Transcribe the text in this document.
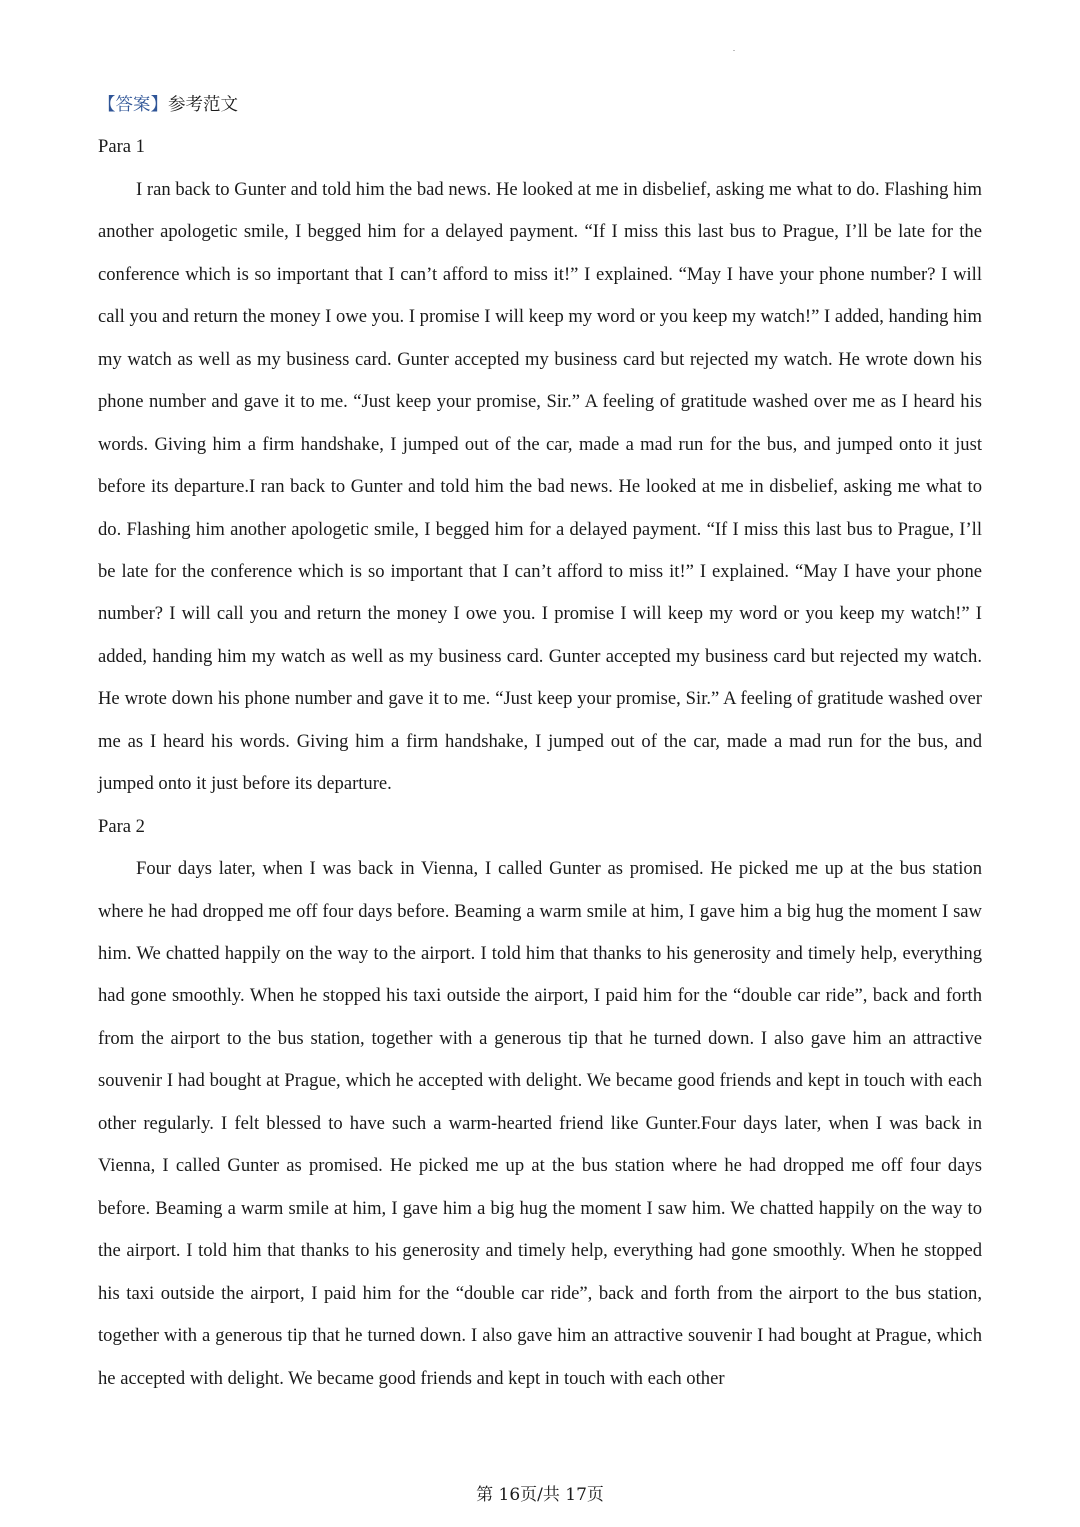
.
【答案】参考范文
Para 1

I ran back to Gunter and told him the bad news. He looked at me in disbelief, asking me what to do. Flashing him another apologetic smile, I begged him for a delayed payment. “If I miss this last bus to Prague, I’ll be late for the conference which is so important that I can’t afford to miss it!” I explained. “May I have your phone number? I will call you and return the money I owe you. I promise I will keep my word or you keep my watch!” I added, handing him my watch as well as my business card. Gunter accepted my business card but rejected my watch. He wrote down his phone number and gave it to me. “Just keep your promise, Sir.” A feeling of gratitude washed over me as I heard his words. Giving him a firm handshake, I jumped out of the car, made a mad run for the bus, and jumped onto it just before its departure.I ran back to Gunter and told him the bad news. He looked at me in disbelief, asking me what to do. Flashing him another apologetic smile, I begged him for a delayed payment. “If I miss this last bus to Prague, I’ll be late for the conference which is so important that I can’t afford to miss it!” I explained. “May I have your phone number? I will call you and return the money I owe you. I promise I will keep my word or you keep my watch!” I added, handing him my watch as well as my business card. Gunter accepted my business card but rejected my watch. He wrote down his phone number and gave it to me. “Just keep your promise, Sir.” A feeling of gratitude washed over me as I heard his words. Giving him a firm handshake, I jumped out of the car, made a mad run for the bus, and jumped onto it just before its departure.

Para 2

Four days later, when I was back in Vienna, I called Gunter as promised. He picked me up at the bus station where he had dropped me off four days before. Beaming a warm smile at him, I gave him a big hug the moment I saw him. We chatted happily on the way to the airport. I told him that thanks to his generosity and timely help, everything had gone smoothly. When he stopped his taxi outside the airport, I paid him for the “double car ride”, back and forth from the airport to the bus station, together with a generous tip that he turned down. I also gave him an attractive souvenir I had bought at Prague, which he accepted with delight. We became good friends and kept in touch with each other regularly. I felt blessed to have such a warm-hearted friend like Gunter.Four days later, when I was back in Vienna, I called Gunter as promised. He picked me up at the bus station where he had dropped me off four days before. Beaming a warm smile at him, I gave him a big hug the moment I saw him. We chatted happily on the way to the airport. I told him that thanks to his generosity and timely help, everything had gone smoothly. When he stopped his taxi outside the airport, I paid him for the “double car ride”, back and forth from the airport to the bus station, together with a generous tip that he turned down. I also gave him an attractive souvenir I had bought at Prague, which he accepted with delight. We became good friends and kept in touch with each other

第 16页/共 17页
